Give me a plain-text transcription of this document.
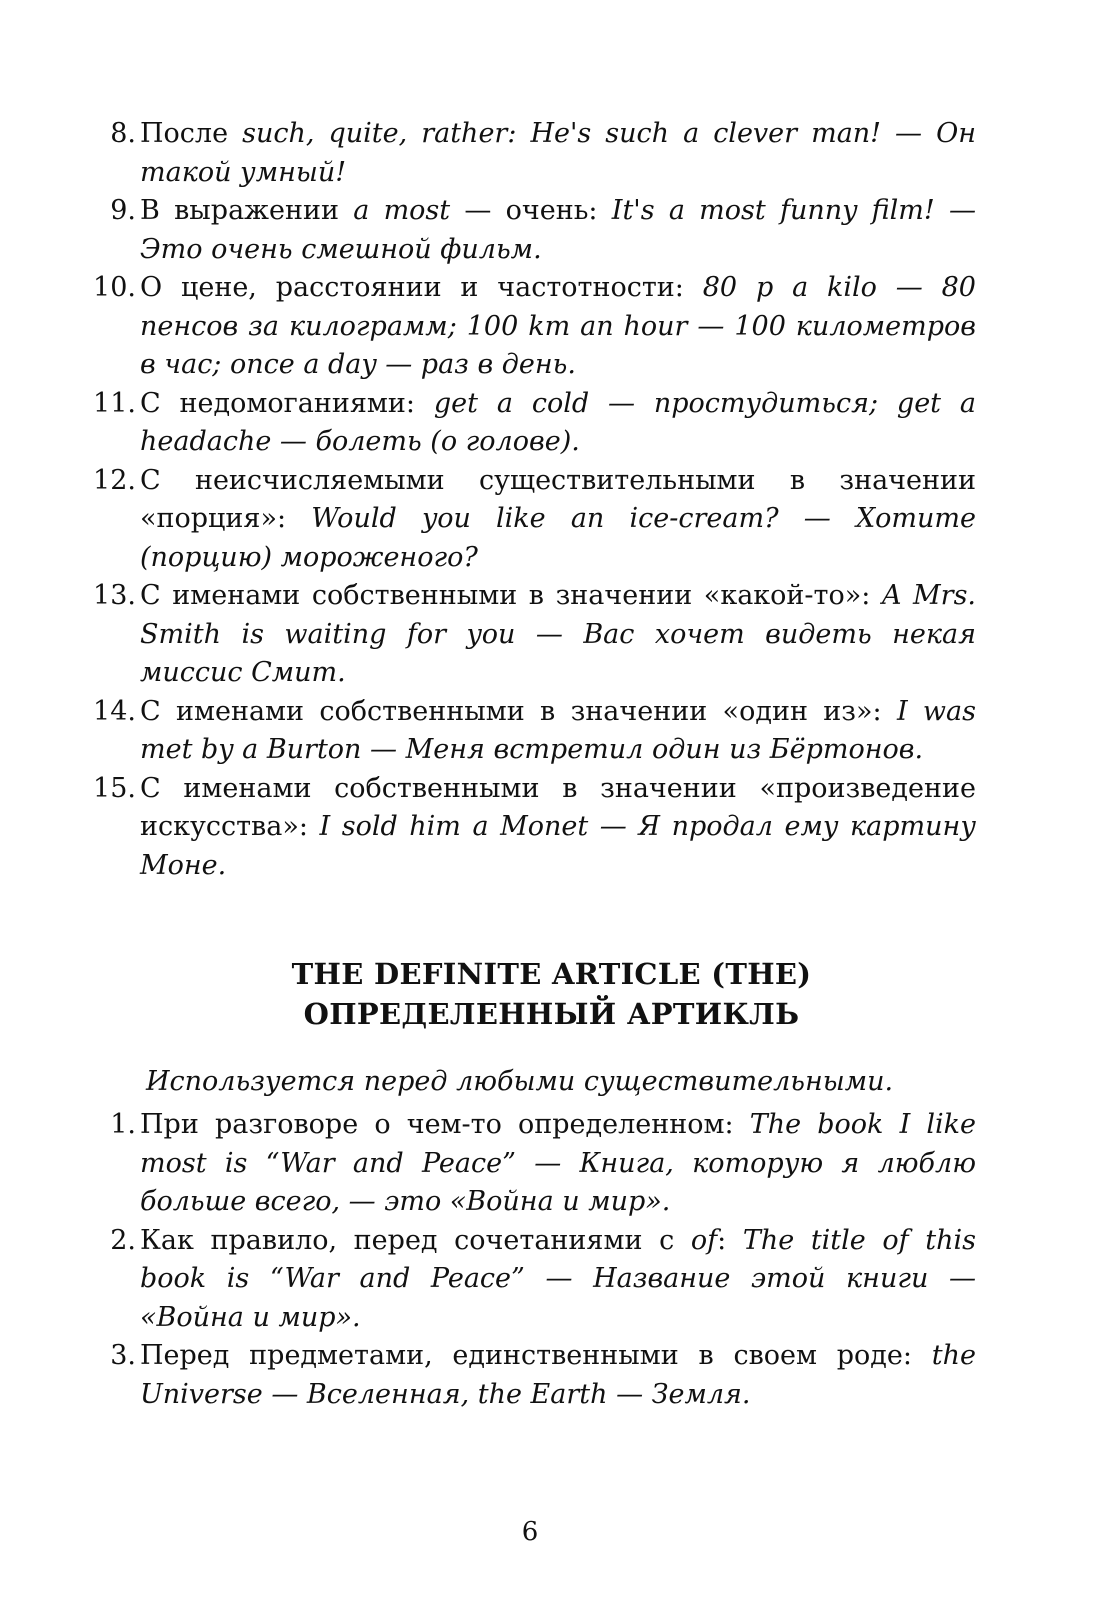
8. После such, quite, rather: He's such a clever man! — Он такой умный!
9. В выражении a most — очень: It's a most funny film! — Это очень смешной фильм.
10. О цене, расстоянии и частотности: 80 p a kilo — 80 пенсов за килограмм; 100 km an hour — 100 километров в час; once a day — раз в день.
11. С недомоганиями: get a cold — простудиться; get a headache — болеть (о голове).
12. С неисчисляемыми существительными в значении «порция»: Would you like an ice-cream? — Хотите (порцию) мороженого?
13. С именами собственными в значении «какой-то»: A Mrs. Smith is waiting for you — Вас хочет видеть некая миссис Смит.
14. С именами собственными в значении «один из»: I was met by a Burton — Меня встретил один из Бёртонов.
15. С именами собственными в значении «произведение искусства»: I sold him a Monet — Я продал ему картину Моне.
THE DEFINITE ARTICLE (THE)
ОПРЕДЕЛЕННЫЙ АРТИКЛЬ
Используется перед любыми существительными.
1. При разговоре о чем-то определенном: The book I like most is “War and Peace” — Книга, которую я люблю больше всего, — это «Война и мир».
2. Как правило, перед сочетаниями с of: The title of this book is “War and Peace” — Название этой книги — «Война и мир».
3. Перед предметами, единственными в своем роде: the Universe — Вселенная, the Earth — Земля.
6
